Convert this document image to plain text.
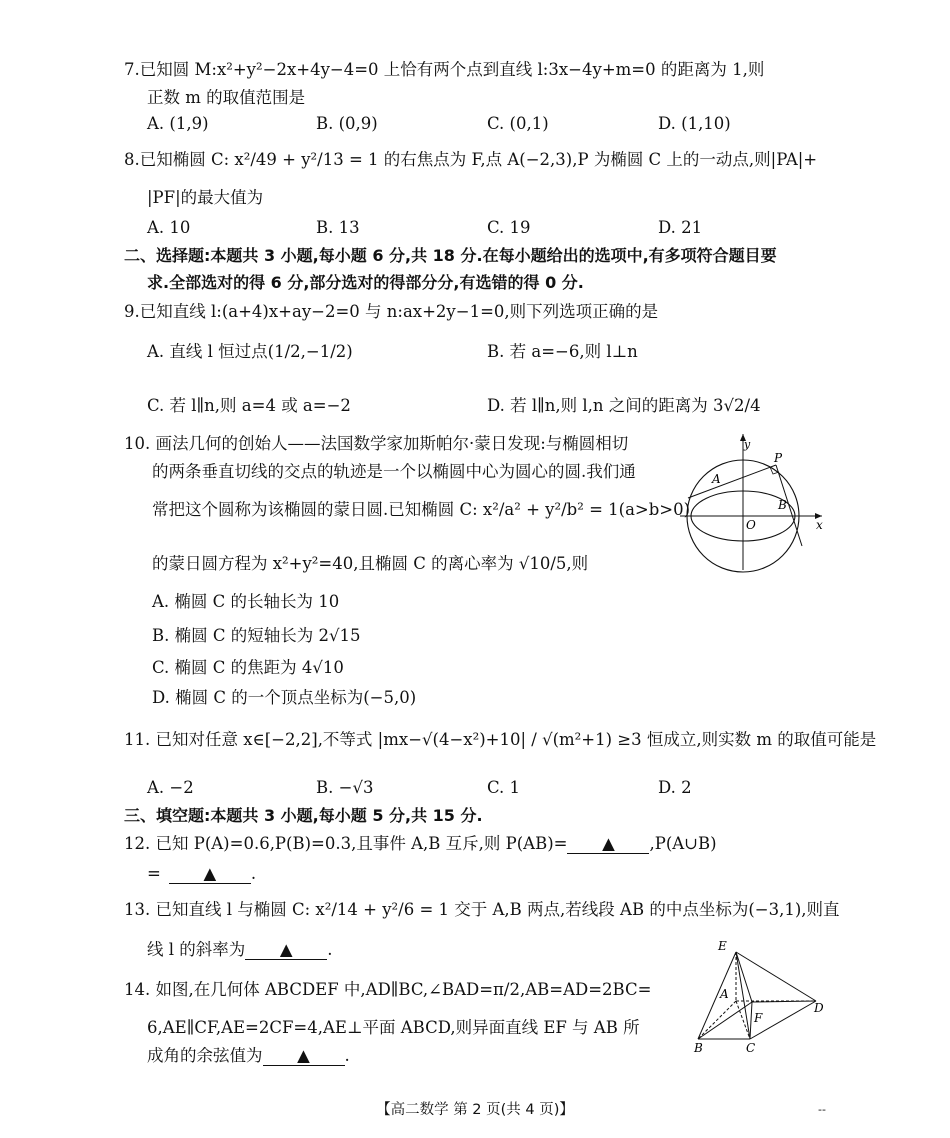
7.已知圆 M:x²+y²−2x+4y−4=0 上恰有两个点到直线 l:3x−4y+m=0 的距离为 1,则
正数 m 的取值范围是
A. (1,9)	B. (0,9)	C. (0,1)	D. (1,10)
8.已知椭圆 C: x²/49 + y²/13 = 1 的右焦点为 F,点 A(−2,3),P 为椭圆 C 上的一动点,则|PA|+
|PF|的最大值为
A. 10	B. 13	C. 19	D. 21
二、选择题:本题共 3 小题,每小题 6 分,共 18 分.在每小题给出的选项中,有多项符合题目要
求.全部选对的得 6 分,部分选对的得部分分,有选错的得 0 分.
9.已知直线 l:(a+4)x+ay−2=0 与 n:ax+2y−1=0,则下列选项正确的是
A. 直线 l 恒过点(1/2,−1/2)	B. 若 a=−6,则 l⊥n
C. 若 l∥n,则 a=4 或 a=−2	D. 若 l∥n,则 l,n 之间的距离为 3√2/4
10. 画法几何的创始人——法国数学家加斯帕尔·蒙日发现:与椭圆相切
的两条垂直切线的交点的轨迹是一个以椭圆中心为圆心的圆.我们通
常把这个圆称为该椭圆的蒙日圆.已知椭圆 C: x²/a² + y²/b² = 1(a>b>0)
的蒙日圆方程为 x²+y²=40,且椭圆 C 的离心率为 √10/5,则
A. 椭圆 C 的长轴长为 10
B. 椭圆 C 的短轴长为 2√15
C. 椭圆 C 的焦距为 4√10
D. 椭圆 C 的一个顶点坐标为(−5,0)
y
x
O
P
A
B
11. 已知对任意 x∈[−2,2],不等式 |mx−√(4−x²)+10| / √(m²+1) ≥3 恒成立,则实数 m 的取值可能是
A. −2	B. −√3	C. 1	D. 2
三、填空题:本题共 3 小题,每小题 5 分,共 15 分.
12. 已知 P(A)=0.6,P(B)=0.3,且事件 A,B 互斥,则 P(AB)= ▲ ,P(A∪B)
=	▲ .
13. 已知直线 l 与椭圆 C: x²/14 + y²/6 = 1 交于 A,B 两点,若线段 AB 的中点坐标为(−3,1),则直
线 l 的斜率为 ▲ .
14. 如图,在几何体 ABCDEF 中,AD∥BC,∠BAD=π/2,AB=AD=2BC=
6,AE∥CF,AE=2CF=4,AE⊥平面 ABCD,则异面直线 EF 与 AB 所
成角的余弦值为 ▲ .
E
A
D
F
B	C
【高二数学 第 2 页(共 4 页)】	--
